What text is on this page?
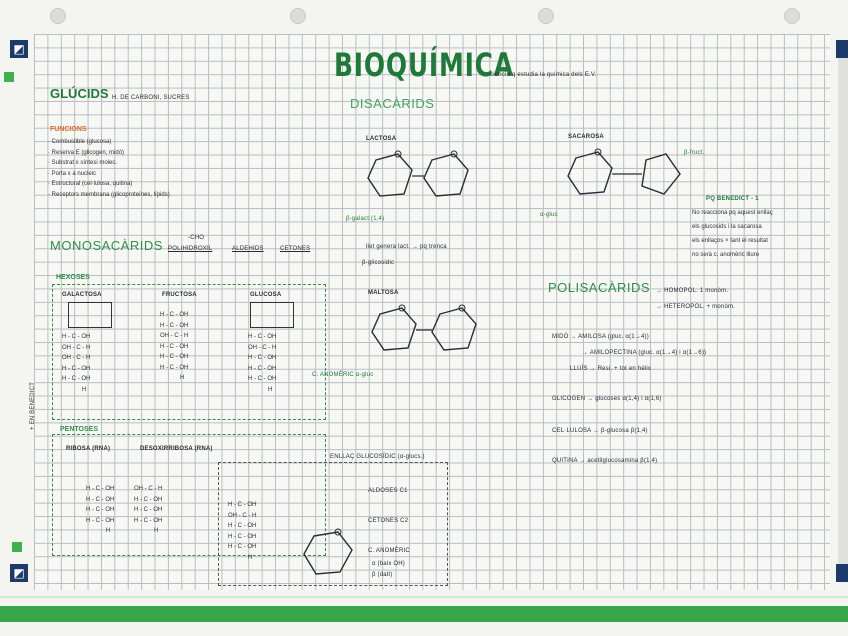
◩
◩
BIOQUÍMICA
ciencia q estudia la química dels E.V.
GLÚCIDS H. DE CARBONI, SUCRES
FUNCIONS
· Combustible (glucosa)
· Reserva E (glicogen, midó)
· Substrat x síntesi molec.
· Porta x a nucleic
· Estructural (cel·lulosa, quitina)
· Receptors membrana (glicoproteïnes, lípids)
MONOSACÀRIDS	-CHO
POLIHIDROXIL	ALDEHIDS	CETONES
HEXOSES
GALACTOSA	FRUCTOSA	GLUCOSA
H - C - OH
OH - C - H
OH - C - H
H - C - OH
H - C - OH
H
H - C - OH
H - C - OH
OH - C - H
H - C - OH
H - C - OH
H - C - OH
H
H - C - OH
OH - C - H
H - C - OH
H - C - OH
H - C - OH
H
C. ANOMÈRIC α-gluc
+ EN BENEDICT	PENTOSES
RIBOSA (RNA)	DESOXIRRIBOSA (RNA)
H - C - OH
H - C - OH
H - C - OH
H - C - OH
H
OH - C - H
H - C - OH
H - C - OH
H - C - OH
H
ENLLAÇ GLUCOSÍDIC (α-glucs.)
H - C - OH
OH - C - H
H - C - OH
H - C - OH
H - C - OH
H
ALDOSES C1
CETONES C2
C. ANOMÈRIC
α (baix OH)
β (dalt)
DISACÀRIDS
LACTOSA
β-galact (1,4)
llet genera lact. → pq trenca
β-glicosidic
MALTOSA
SACAROSA
α-gluc
β-fruct.
PQ BENEDICT - 1
No reacciona pq aquest enllaç
els glucosids i la sacarosa
els enllaços × tant el resultat
no serà c. anomèric lliure
POLISACÀRIDS → HOMOPOL. 1 monòm.
→ HETEROPOL. + monòm.
MIDÓ → AMILOSA (gluc. α(1→4))
→ AMILOPECTINA (gluc. α(1→4) i α(1→6))
LLUÍS → Resi. + tot en hèlix
GLICOGEN → glucoses α(1,4) i α(1,6)
CEL·LULOSA → β-glucosa β(1,4)
QUITINA → acetilglucosamina β(1,4)
